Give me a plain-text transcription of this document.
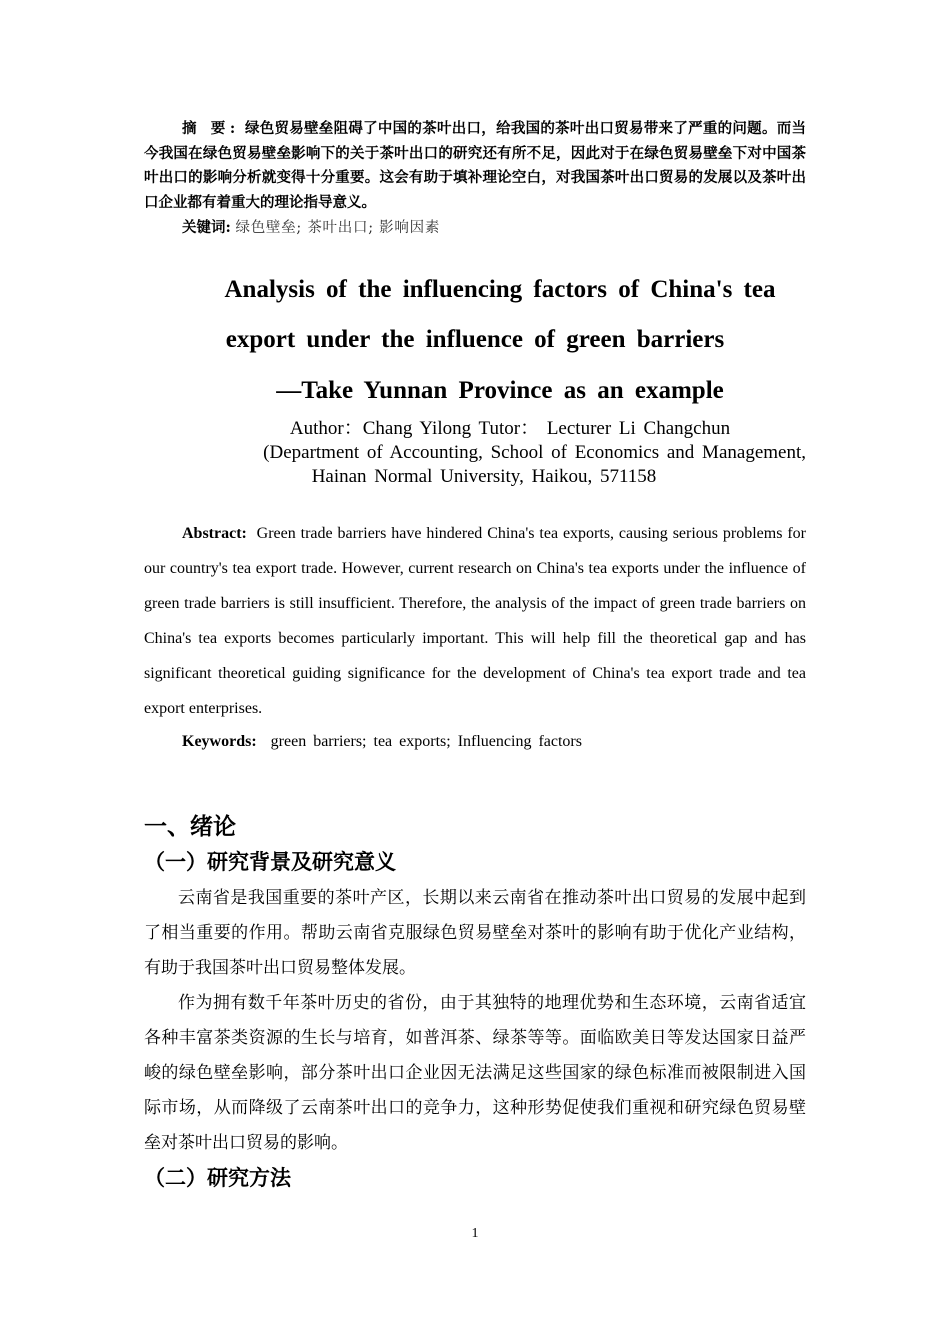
摘 要: 绿色贸易壁垒阻碍了中国的茶叶出口，给我国的茶叶出口贸易带来了严重的问题。而当今我国在绿色贸易壁垒影响下的关于茶叶出口的研究还有所不足，因此对于在绿色贸易壁垒下对中国茶叶出口的影响分析就变得十分重要。这会有助于填补理论空白，对我国茶叶出口贸易的发展以及茶叶出口企业都有着重大的理论指导意义。

关键词: 绿色壁垒; 茶叶出口; 影响因素

Analysis of the influencing factors of China's tea

export under the influence of green barriers

—Take Yunnan Province as an example

Author：Chang Yilong Tutor： Lecturer Li Changchun

(Department of Accounting, School of Economics and Management,

Hainan Normal University, Haikou, 571158

Abstract: Green trade barriers have hindered China's tea exports, causing serious problems for our country's tea export trade. However, current research on China's tea exports under the influence of green trade barriers is still insufficient. Therefore, the analysis of the impact of green trade barriers on China's tea exports becomes particularly important. This will help fill the theoretical gap and has significant theoretical guiding significance for the development of China's tea export trade and tea export enterprises.

Keywords: green barriers; tea exports; Influencing factors

一、绪论
（一）研究背景及研究意义

云南省是我国重要的茶叶产区，长期以来云南省在推动茶叶出口贸易的发展中起到了相当重要的作用。帮助云南省克服绿色贸易壁垒对茶叶的影响有助于优化产业结构，有助于我国茶叶出口贸易整体发展。

作为拥有数千年茶叶历史的省份，由于其独特的地理优势和生态环境，云南省适宜各种丰富茶类资源的生长与培育，如普洱茶、绿茶等等。面临欧美日等发达国家日益严峻的绿色壁垒影响，部分茶叶出口企业因无法满足这些国家的绿色标准而被限制进入国际市场，从而降级了云南茶叶出口的竞争力，这种形势促使我们重视和研究绿色贸易壁垒对茶叶出口贸易的影响。

（二）研究方法

1
